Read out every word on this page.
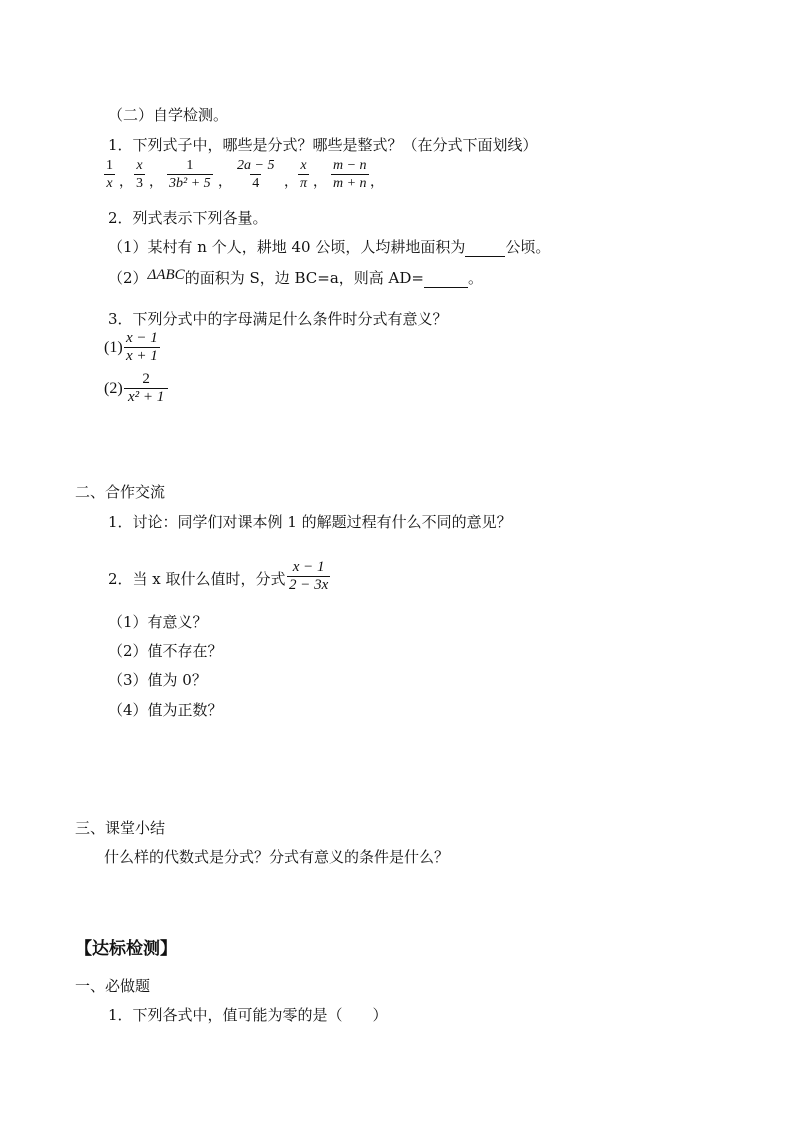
（二）自学检测。
1．下列式子中，哪些是分式？哪些是整式？（在分式下面划线）
$\frac{1}{x}$ ， $\frac{x}{3}$ ， $\frac{1}{\text{3b² + 5}}$ ， $\frac{2a - 5}{4}$ ， $\frac{x}{\pi}$ ， $\frac{m - n}{m + n}$ ，
2．列式表示下列各量。
（1）某村有 n 个人，耕地 40 公顷，人均耕地面积为	公顷。
（2）ΔABC的面积为 S，边 BC=a，则高 AD=	。
3．下列分式中的字母满足什么条件时分式有意义？
$(1) \frac{x - 1}{x + 1}$
$(2) \frac{2}{\text{x² + 1}}$
二、合作交流
1．讨论：同学们对课本例 1 的解题过程有什么不同的意见？
2．当 x 取什么值时，分式 $\frac{x - 1}{2 - 3x}$
（1）有意义？
（2）值不存在？
（3）值为 0？
（4）值为正数？
三、课堂小结
什么样的代数式是分式？分式有意义的条件是什么？
【达标检测】
一、必做题
1．下列各式中，值可能为零的是（　　）
